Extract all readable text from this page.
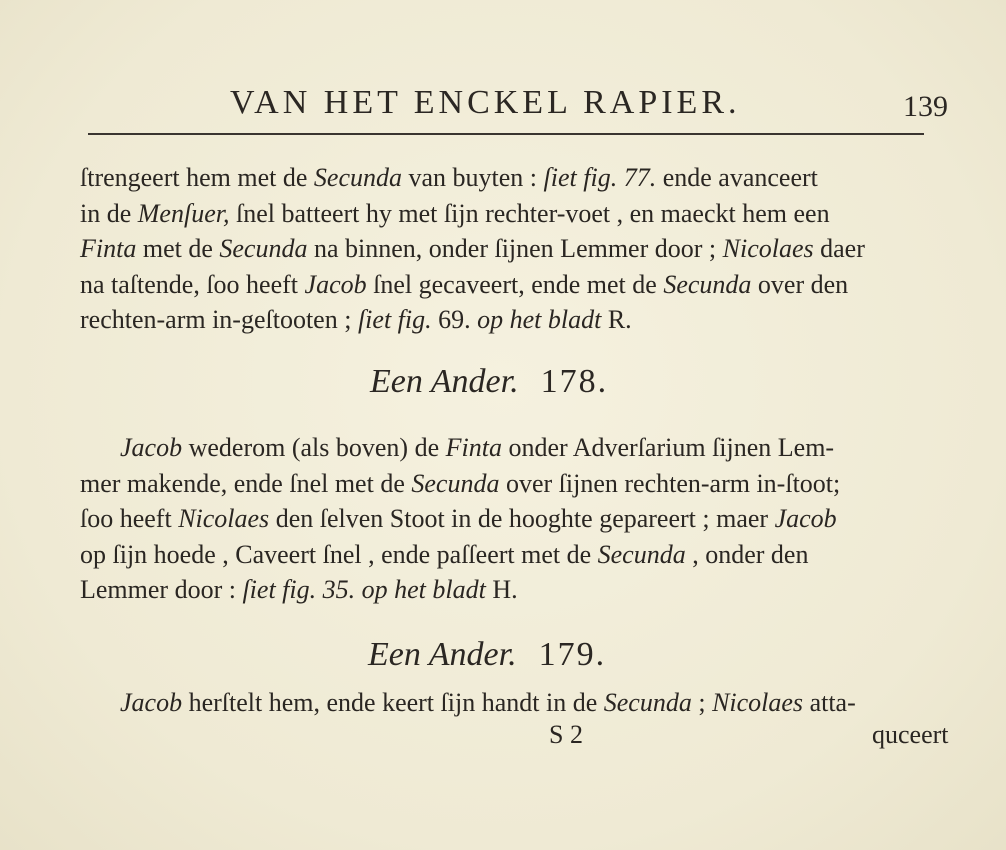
VAN HET ENCKEL RAPIER.	139
ſtrengeert hem met de Secunda van buyten : ſiet fig. 77. ende avanceert
in de Menſuer, ſnel batteert hy met ſijn rechter-voet , en maeckt hem een
Finta met de Secunda na binnen, onder ſijnen Lemmer door ; Nicolaes daer
na taſtende, ſoo heeft Jacob ſnel gecaveert, ende met de Secunda over den
rechten-arm in-geſtooten ; ſiet fig. 69. op het bladt R.
Een Ander. 178.
Jacob wederom (als boven) de Finta onder Adverſarium ſijnen Lem-
mer makende, ende ſnel met de Secunda over ſijnen rechten-arm in-ſtoot;
ſoo heeft Nicolaes den ſelven Stoot in de hooghte gepareert ; maer Jacob
op ſijn hoede , Caveert ſnel , ende paſſeert met de Secunda , onder den
Lemmer door : ſiet fig. 35. op het bladt H.
Een Ander. 179.
Jacob herſtelt hem, ende keert ſijn handt in de Secunda ; Nicolaes atta-
S 2	quceert
